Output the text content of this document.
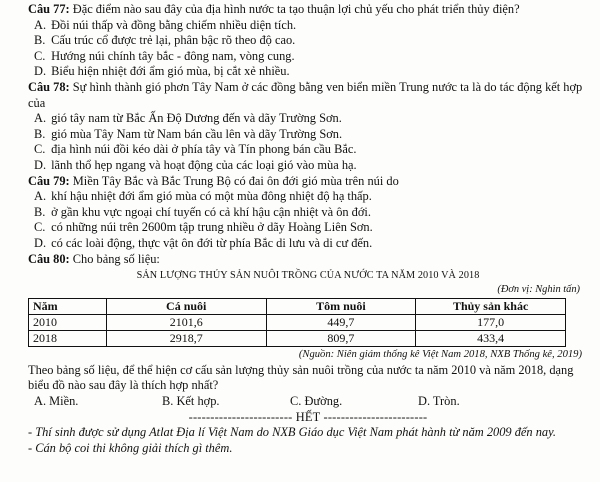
Câu 77: Đặc điểm nào sau đây của địa hình nước ta tạo thuận lợi chủ yếu cho phát triển thủy điện?

A. Đồi núi thấp và đồng bằng chiếm nhiều diện tích.

B. Cấu trúc cổ được trẻ lại, phân bậc rõ theo độ cao.

C. Hướng núi chính tây bắc - đông nam, vòng cung.

D. Biểu hiện nhiệt đới ẩm gió mùa, bị cắt xẻ nhiều.

Câu 78: Sự hình thành gió phơn Tây Nam ở các đồng bằng ven biển miền Trung nước ta là do tác động kết hợp của

A. gió tây nam từ Bắc Ấn Độ Dương đến và dãy Trường Sơn.

B. gió mùa Tây Nam từ Nam bán cầu lên và dãy Trường Sơn.

C. địa hình núi đồi kéo dài ở phía tây và Tín phong bán cầu Bắc.

D. lãnh thổ hẹp ngang và hoạt động của các loại gió vào mùa hạ.

Câu 79: Miền Tây Bắc và Bắc Trung Bộ có đai ôn đới gió mùa trên núi do

A. khí hậu nhiệt đới ẩm gió mùa có một mùa đông nhiệt độ hạ thấp.

B. ở gần khu vực ngoại chí tuyến có cả khí hậu cận nhiệt và ôn đới.

C. có những núi trên 2600m tập trung nhiều ở dãy Hoàng Liên Sơn.

D. có các loài động, thực vật ôn đới từ phía Bắc di lưu và di cư đến.

Câu 80: Cho bảng số liệu:

SẢN LƯỢNG THỦY SẢN NUÔI TRỒNG CỦA NƯỚC TA NĂM 2010 VÀ 2018

(Đơn vị: Nghìn tấn)

Năm	Cá nuôi	Tôm nuôi	Thủy sản khác
2010	2101,6	449,7	177,0
2018	2918,7	809,7	433,4

(Nguồn: Niên giám thống kê Việt Nam 2018, NXB Thống kê, 2019)

Theo bảng số liệu, để thể hiện cơ cấu sản lượng thủy sản nuôi trồng của nước ta năm 2010 và năm 2018, dạng biểu đồ nào sau đây là thích hợp nhất?

A. Miền.	B. Kết hợp.	C. Đường.	D. Tròn.

------------------------ HẾT ------------------------

- Thí sinh được sử dụng Atlat Địa lí Việt Nam do NXB Giáo dục Việt Nam phát hành từ năm 2009 đến nay.

- Cán bộ coi thi không giải thích gì thêm.
